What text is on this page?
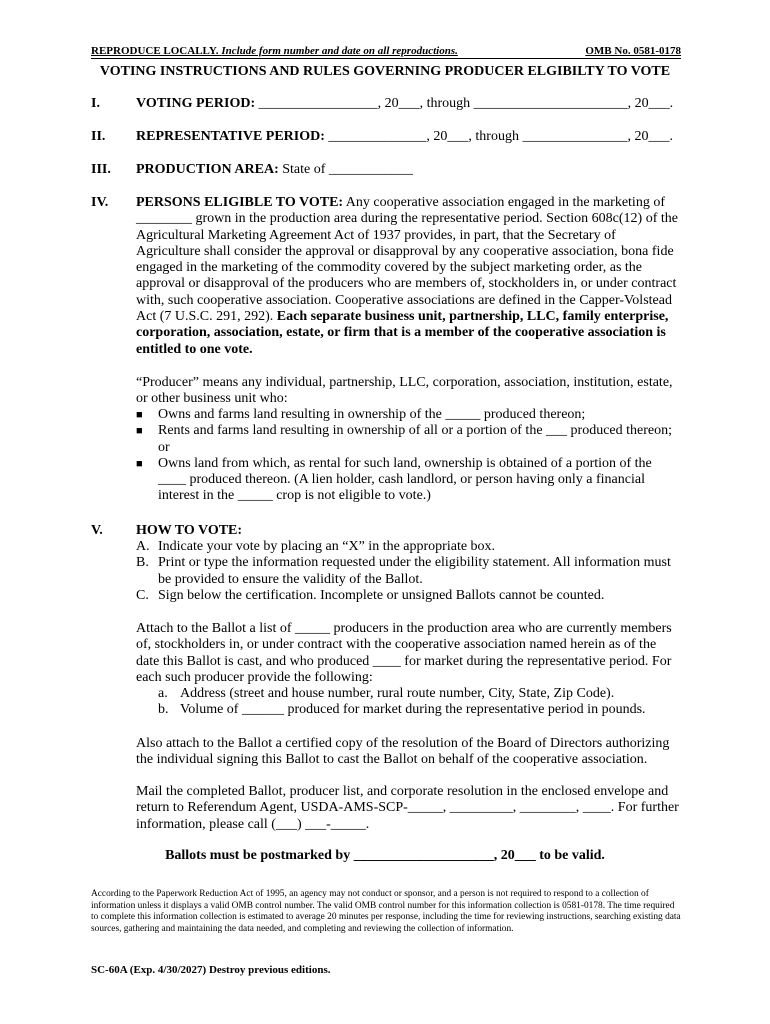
REPRODUCE LOCALLY. Include form number and date on all reproductions.	OMB No. 0581-0178
VOTING INSTRUCTIONS AND RULES GOVERNING PRODUCER ELGIBILTY TO VOTE
I.	VOTING PERIOD: _________________, 20___, through ______________________, 20___.
II. REPRESENTATIVE PERIOD: ______________, 20___, through _______________, 20___.
III. PRODUCTION AREA: State of ____________
IV. PERSONS ELIGIBLE TO VOTE: Any cooperative association engaged in the marketing of ________ grown in the production area during the representative period. Section 608c(12) of the Agricultural Marketing Agreement Act of 1937 provides, in part, that the Secretary of Agriculture shall consider the approval or disapproval by any cooperative association, bona fide engaged in the marketing of the commodity covered by the subject marketing order, as the approval or disapproval of the producers who are members of, stockholders in, or under contract with, such cooperative association. Cooperative associations are defined in the Capper-Volstead Act (7 U.S.C. 291, 292). Each separate business unit, partnership, LLC, family enterprise, corporation, association, estate, or firm that is a member of the cooperative association is entitled to one vote.

“Producer” means any individual, partnership, LLC, corporation, association, institution, estate, or other business unit who:
■ Owns and farms land resulting in ownership of the _____ produced thereon;
■ Rents and farms land resulting in ownership of all or a portion of the ___ produced thereon; or
■ Owns land from which, as rental for such land, ownership is obtained of a portion of the ____ produced thereon. (A lien holder, cash landlord, or person having only a financial interest in the _____ crop is not eligible to vote.)
V. HOW TO VOTE:
A. Indicate your vote by placing an “X” in the appropriate box.
B. Print or type the information requested under the eligibility statement. All information must be provided to ensure the validity of the Ballot.
C. Sign below the certification. Incomplete or unsigned Ballots cannot be counted.
Attach to the Ballot a list of _____ producers in the production area who are currently members of, stockholders in, or under contract with the cooperative association named herein as of the date this Ballot is cast, and who produced ____ for market during the representative period. For each such producer provide the following:
a. Address (street and house number, rural route number, City, State, Zip Code).
b. Volume of ______ produced for market during the representative period in pounds.
Also attach to the Ballot a certified copy of the resolution of the Board of Directors authorizing the individual signing this Ballot to cast the Ballot on behalf of the cooperative association.
Mail the completed Ballot, producer list, and corporate resolution in the enclosed envelope and return to Referendum Agent, USDA-AMS-SCP-_____, _________, ________, ____. For further information, please call (___) ___-_____.
Ballots must be postmarked by ____________________, 20___ to be valid.
According to the Paperwork Reduction Act of 1995, an agency may not conduct or sponsor, and a person is not required to respond to a collection of information unless it displays a valid OMB control number. The valid OMB control number for this information collection is 0581-0178. The time required to complete this information collection is estimated to average 20 minutes per response, including the time for reviewing instructions, searching existing data sources, gathering and maintaining the data needed, and completing and reviewing the collection of information.
SC-60A (Exp. 4/30/2027) Destroy previous editions.
